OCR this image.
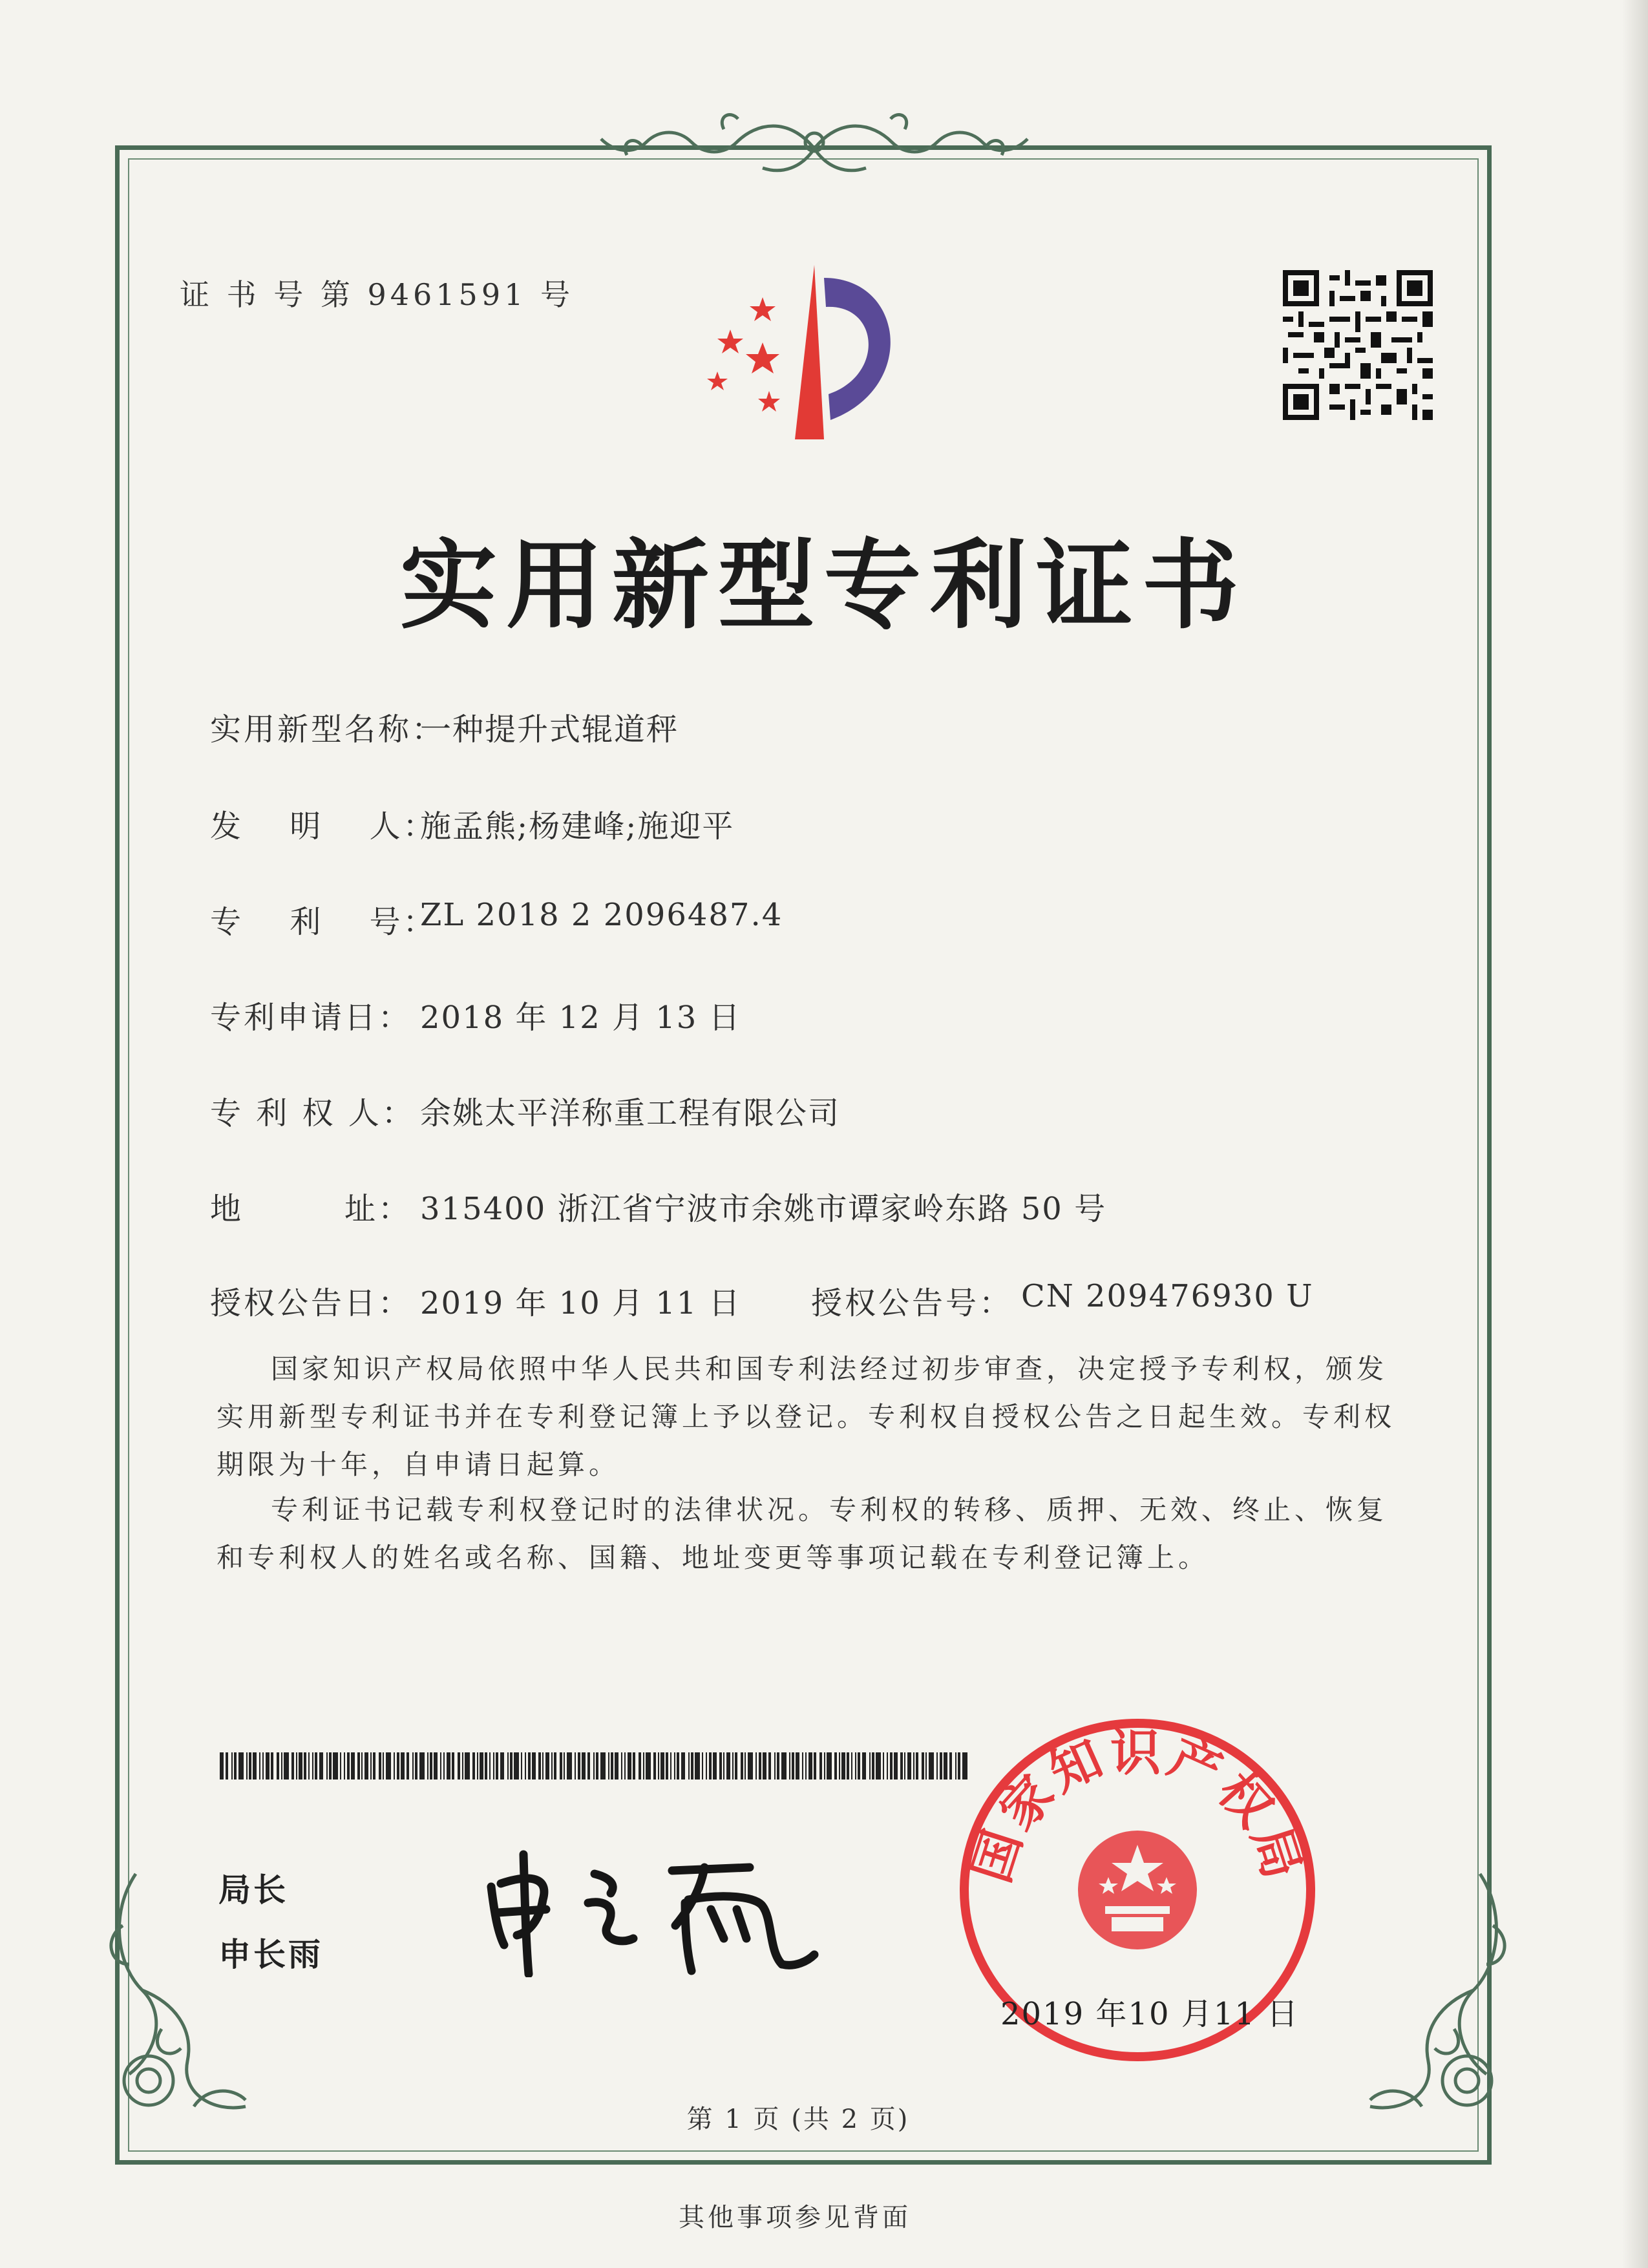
证 书 号 第 9461591 号
实用新型专利证书
实用新型名称：
一种提升式辊道秤
发　 明　 人：
施孟熊;杨建峰;施迎平
专　 利　 号：
ZL 2018 2 2096487.4
专利申请日： 2018 年 12 月 13 日
专 利 权 人： 余姚太平洋称重工程有限公司
地　　　址： 315400 浙江省宁波市余姚市谭家岭东路 50 号
授权公告日： 2019 年 10 月 11 日 授权公告号： CN 209476930 U
国家知识产权局依照中华人民共和国专利法经过初步审查，决定授予专利权，颁发实用新型专利证书并在专利登记簿上予以登记。专利权自授权公告之日起生效。专利权期限为十年，自申请日起算。
专利证书记载专利权登记时的法律状况。专利权的转移、质押、无效、终止、恢复和专利权人的姓名或名称、国籍、地址变更等事项记载在专利登记簿上。
局长
申长雨
国家知识产权局
2019 年10 月11 日
第 1 页 (共 2 页)
其他事项参见背面
